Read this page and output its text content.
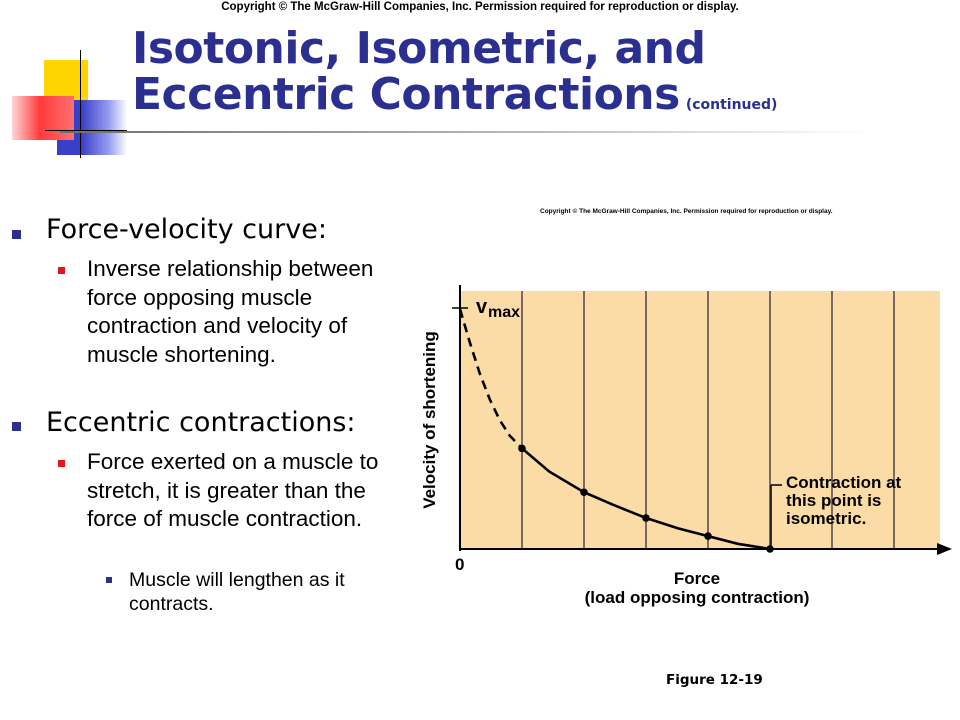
Copyright © The McGraw-Hill Companies, Inc. Permission required for reproduction or display.
Isotonic, Isometric, and
Eccentric Contractions (continued)
Force-velocity curve:
Inverse relationship between force opposing muscle contraction and velocity of muscle shortening.
Eccentric contractions:
Force exerted on a muscle to stretch, it is greater than the force of muscle contraction.
Muscle will lengthen as it contracts.
Copyright © The McGraw-Hill Companies, Inc. Permission required for reproduction or display.
Contraction at
this point is
isometric.
v max
0
Force
(load opposing contraction)
Velocity of shortening
Figure 12-19
